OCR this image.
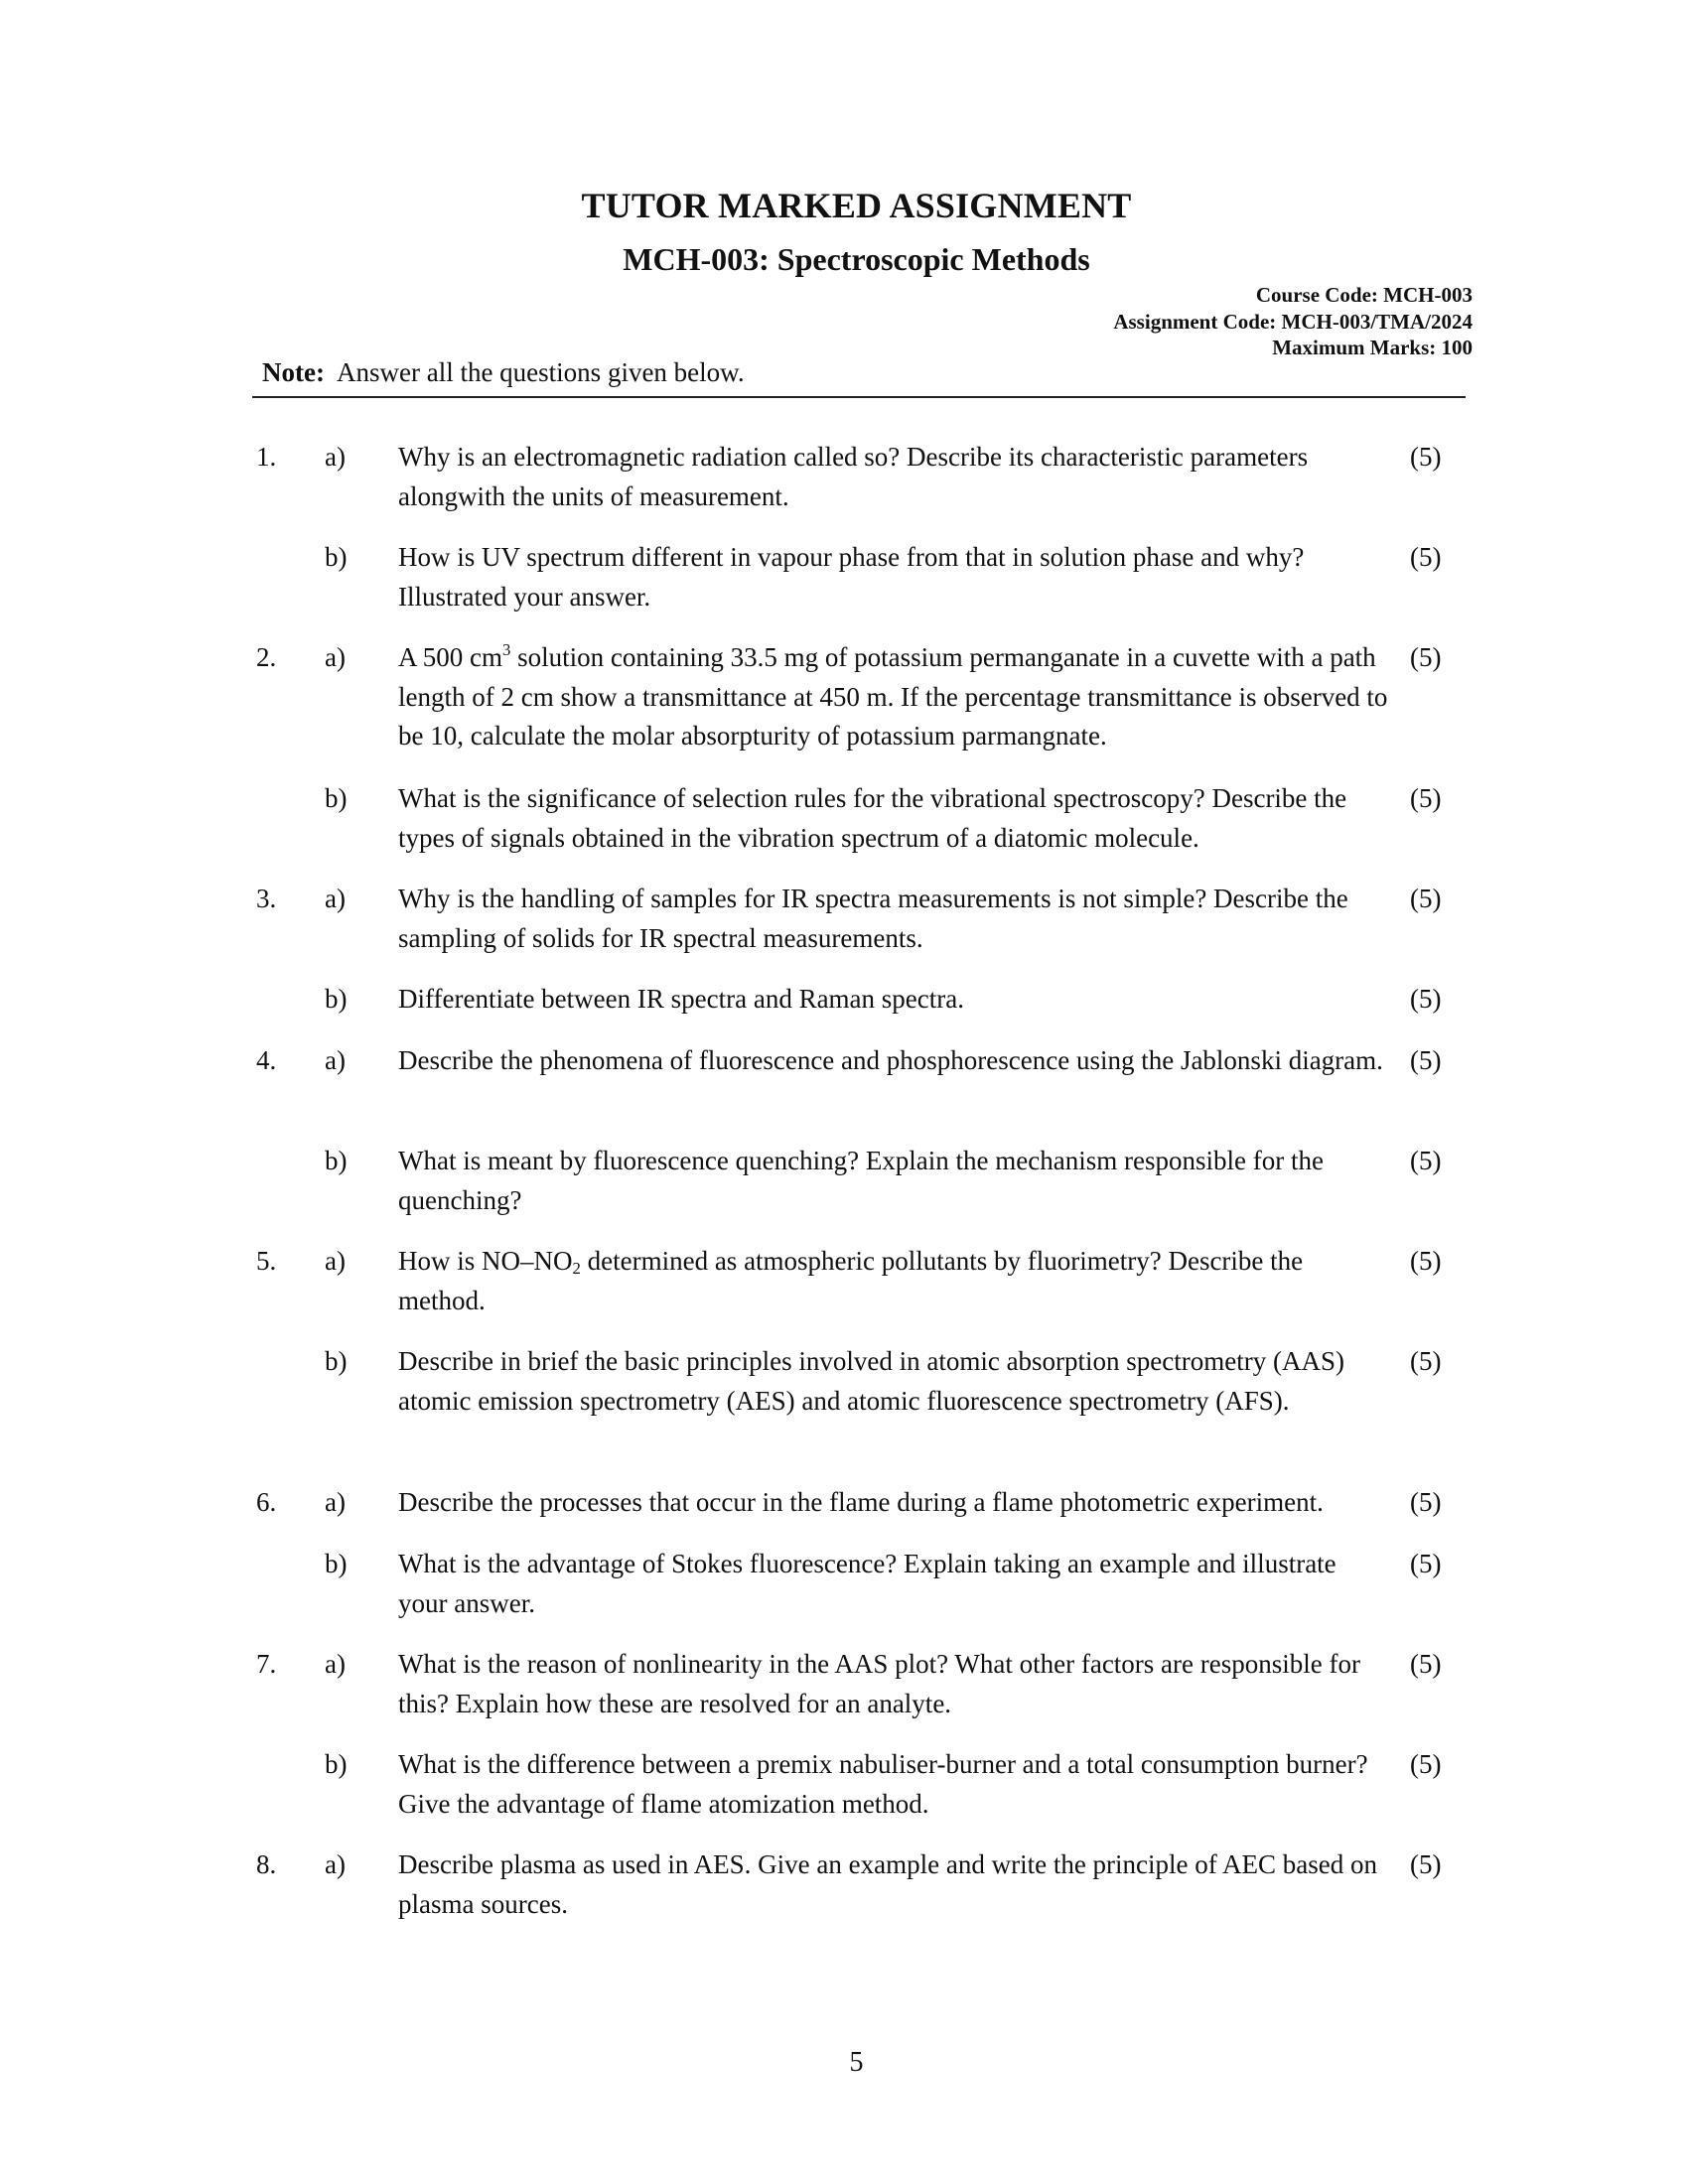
TUTOR MARKED ASSIGNMENT
MCH-003: Spectroscopic Methods
Course Code: MCH-003
Assignment Code: MCH-003/TMA/2024
Maximum Marks: 100
Note: Answer all the questions given below.
1. a) Why is an electromagnetic radiation called so? Describe its characteristic parameters alongwith the units of measurement.
(5)
b) How is UV spectrum different in vapour phase from that in solution phase and why? Illustrated your answer.
(5)
2. a) A 500 $cm^3$ solution containing 33.5 mg of potassium permanganate in a cuvette with a path length of 2 cm show a transmittance at 450 m. If the percentage transmittance is observed to be 10, calculate the molar absorpturity of potassium parmangnate.
(5)
b) What is the significance of selection rules for the vibrational spectroscopy? Describe the types of signals obtained in the vibration spectrum of a diatomic molecule.
(5)
3. a) Why is the handling of samples for IR spectra measurements is not simple? Describe the sampling of solids for IR spectral measurements.
(5)
b) Differentiate between IR spectra and Raman spectra.	(5)
4. a) Describe the phenomena of fluorescence and phosphorescence using the Jablonski diagram. (5)
b) What is meant by fluorescence quenching? Explain the mechanism responsible for the quenching?
(5)
5. a) How is $NO-NO_2$ determined as atmospheric pollutants by fluorimetry? Describe the method.
(5)
b) Describe in brief the basic principles involved in atomic absorption spectrometry (AAS) atomic emission spectrometry (AES) and atomic fluorescence spectrometry (AFS).
(5)
6. a) Describe the processes that occur in the flame during a flame photometric experiment.	(5)
b) What is the advantage of Stokes fluorescence? Explain taking an example and illustrate your answer.
(5)
7. a) What is the reason of nonlinearity in the AAS plot? What other factors are responsible for this? Explain how these are resolved for an analyte.
(5)
b) What is the difference between a premix nabuliser-burner and a total consumption burner? Give the advantage of flame atomization method.
(5)
8. a) Describe plasma as used in AES. Give an example and write the principle of AEC based on plasma sources.
(5)
5
